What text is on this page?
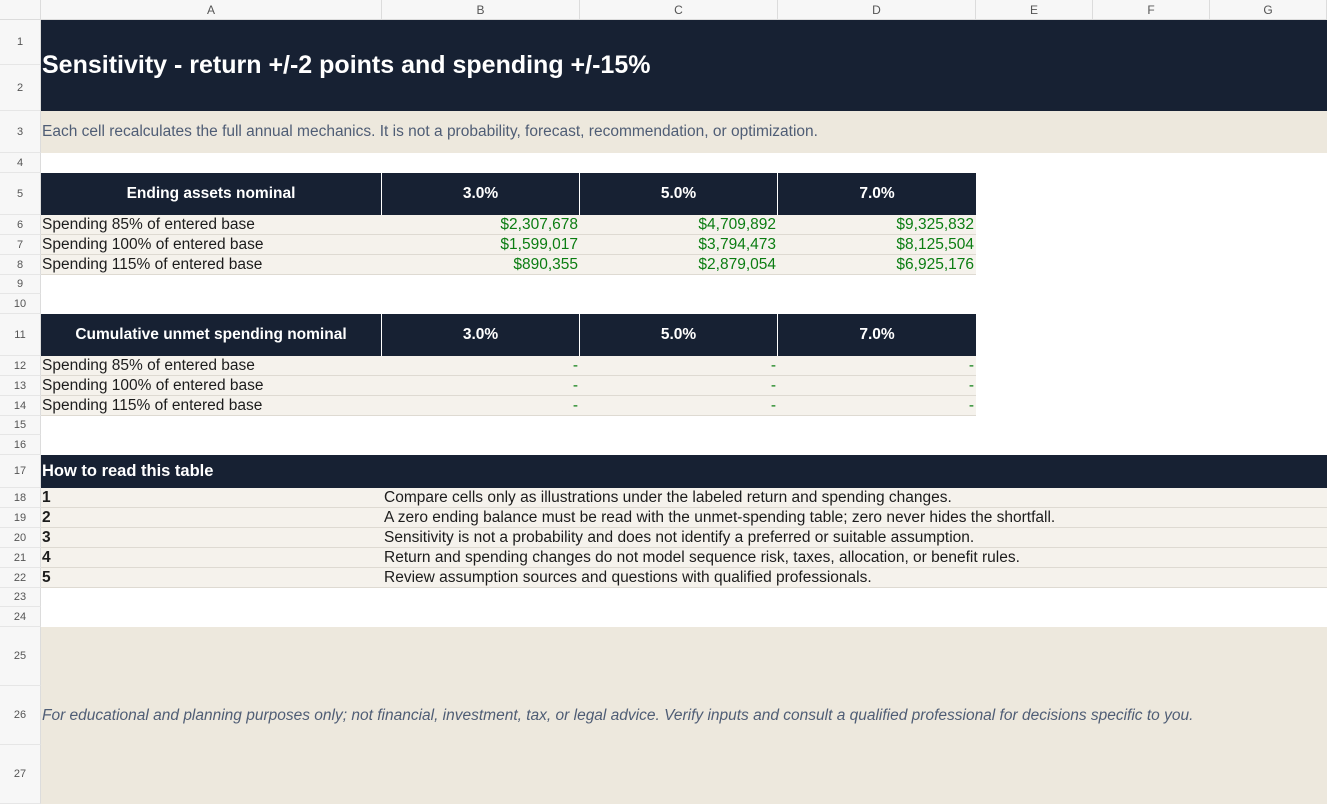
A	B	C	D	E	F	G
1
2
3
4
5
6
7
8
9
10
11
12
13
14
15
16
17
18
19
20
21
22
23
24
25
26
27
Sensitivity - return +/-2 points and spending +/-15%
Each cell recalculates the full annual mechanics. It is not a probability, forecast, recommendation, or optimization.
Ending assets nominal	3.0%	5.0%	7.0%
Spending 85% of entered base	$2,307,678	$4,709,892	$9,325,832
Spending 100% of entered base	$1,599,017	$3,794,473	$8,125,504
Spending 115% of entered base	$890,355	$2,879,054	$6,925,176
Cumulative unmet spending nominal	3.0%	5.0%	7.0%
Spending 85% of entered base	-	-	-
Spending 100% of entered base	-	-	-
Spending 115% of entered base	-	-	-
How to read this table
1	Compare cells only as illustrations under the labeled return and spending changes.
2	A zero ending balance must be read with the unmet-spending table; zero never hides the shortfall.
3	Sensitivity is not a probability and does not identify a preferred or suitable assumption.
4	Return and spending changes do not model sequence risk, taxes, allocation, or benefit rules.
5	Review assumption sources and questions with qualified professionals.
For educational and planning purposes only; not financial, investment, tax, or legal advice. Verify inputs and consult a qualified professional for decisions specific to you.
